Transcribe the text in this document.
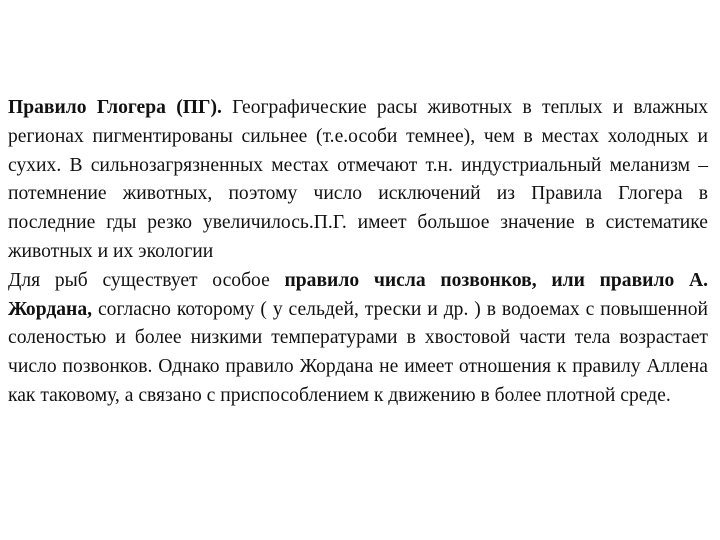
Правило Глогера (ПГ). Географические расы животных в теплых и влажных регионах пигментированы сильнее (т.е.особи темнее), чем в местах холодных и сухих. В сильнозагрязненных местах отмечают т.н. индустриальный меланизм – потемнение животных, поэтому число исключений из Правила Глогера в последние гды резко увеличилось.П.Г. имеет большое значение в систематике животных и их экологии

Для рыб существует особое правило числа позвонков, или правило А. Жордана, согласно которому ( у сельдей, трески и др. ) в водоемах с повышенной соленостью и более низкими температурами в хвостовой части тела возрастает число позвонков. Однако правило Жордана не имеет отношения к правилу Аллена как таковому, а связано с приспособлением к движению в более плотной среде.
